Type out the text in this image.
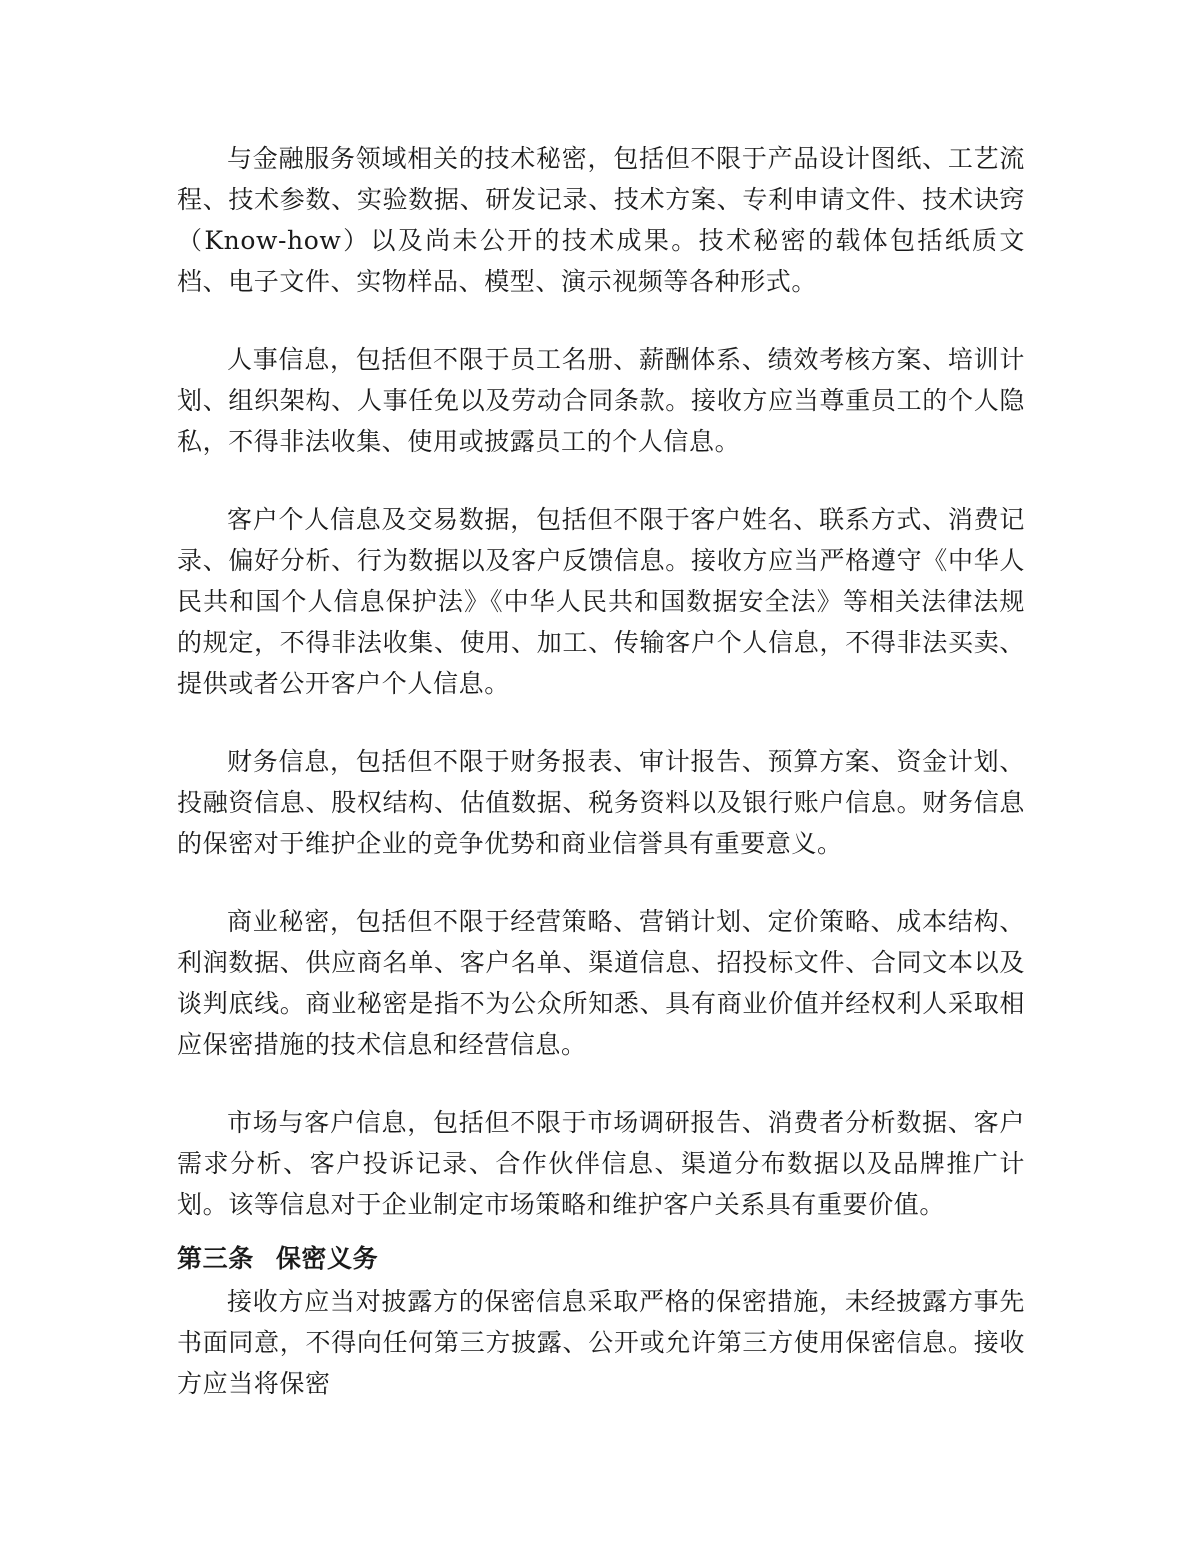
与金融服务领域相关的技术秘密，包括但不限于产品设计图纸、工艺流程、技术参数、实验数据、研发记录、技术方案、专利申请文件、技术诀窍（Know-how）以及尚未公开的技术成果。技术秘密的载体包括纸质文档、电子文件、实物样品、模型、演示视频等各种形式。

人事信息，包括但不限于员工名册、薪酬体系、绩效考核方案、培训计划、组织架构、人事任免以及劳动合同条款。接收方应当尊重员工的个人隐私，不得非法收集、使用或披露员工的个人信息。

客户个人信息及交易数据，包括但不限于客户姓名、联系方式、消费记录、偏好分析、行为数据以及客户反馈信息。接收方应当严格遵守《中华人民共和国个人信息保护法》《中华人民共和国数据安全法》等相关法律法规的规定，不得非法收集、使用、加工、传输客户个人信息，不得非法买卖、提供或者公开客户个人信息。

财务信息，包括但不限于财务报表、审计报告、预算方案、资金计划、投融资信息、股权结构、估值数据、税务资料以及银行账户信息。财务信息的保密对于维护企业的竞争优势和商业信誉具有重要意义。

商业秘密，包括但不限于经营策略、营销计划、定价策略、成本结构、利润数据、供应商名单、客户名单、渠道信息、招投标文件、合同文本以及谈判底线。商业秘密是指不为公众所知悉、具有商业价值并经权利人采取相应保密措施的技术信息和经营信息。

市场与客户信息，包括但不限于市场调研报告、消费者分析数据、客户需求分析、客户投诉记录、合作伙伴信息、渠道分布数据以及品牌推广计划。该等信息对于企业制定市场策略和维护客户关系具有重要价值。

第三条 保密义务

接收方应当对披露方的保密信息采取严格的保密措施，未经披露方事先书面同意，不得向任何第三方披露、公开或允许第三方使用保密信息。接收方应当将保密
